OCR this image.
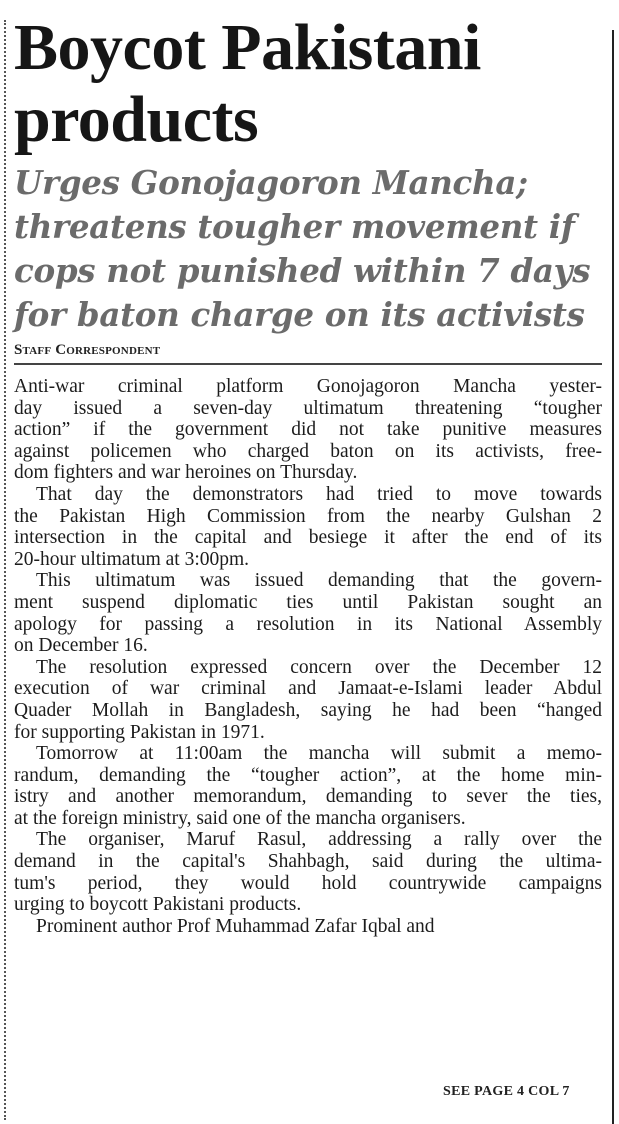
Boycot Pakistani
products
Urges Gonojagoron Mancha;
threatens tougher movement if
cops not punished within 7 days
for baton charge on its activists
Staff Correspondent
Anti-war criminal platform Gonojagoron Mancha yester-
day issued a seven-day ultimatum threatening “tougher
action” if the government did not take punitive measures
against policemen who charged baton on its activists, free-
dom fighters and war heroines on Thursday.
That day the demonstrators had tried to move towards
the Pakistan High Commission from the nearby Gulshan 2
intersection in the capital and besiege it after the end of its
20-hour ultimatum at 3:00pm.
This ultimatum was issued demanding that the govern-
ment suspend diplomatic ties until Pakistan sought an
apology for passing a resolution in its National Assembly
on December 16.
The resolution expressed concern over the December 12
execution of war criminal and Jamaat-e-Islami leader Abdul
Quader Mollah in Bangladesh, saying he had been “hanged
for supporting Pakistan in 1971.
Tomorrow at 11:00am the mancha will submit a memo-
randum, demanding the “tougher action”, at the home min-
istry and another memorandum, demanding to sever the ties,
at the foreign ministry, said one of the mancha organisers.
The organiser, Maruf Rasul, addressing a rally over the
demand in the capital's Shahbagh, said during the ultima-
tum's period, they would hold countrywide campaigns
urging to boycott Pakistani products.
Prominent author Prof Muhammad Zafar Iqbal and
SEE PAGE 4 COL 7
